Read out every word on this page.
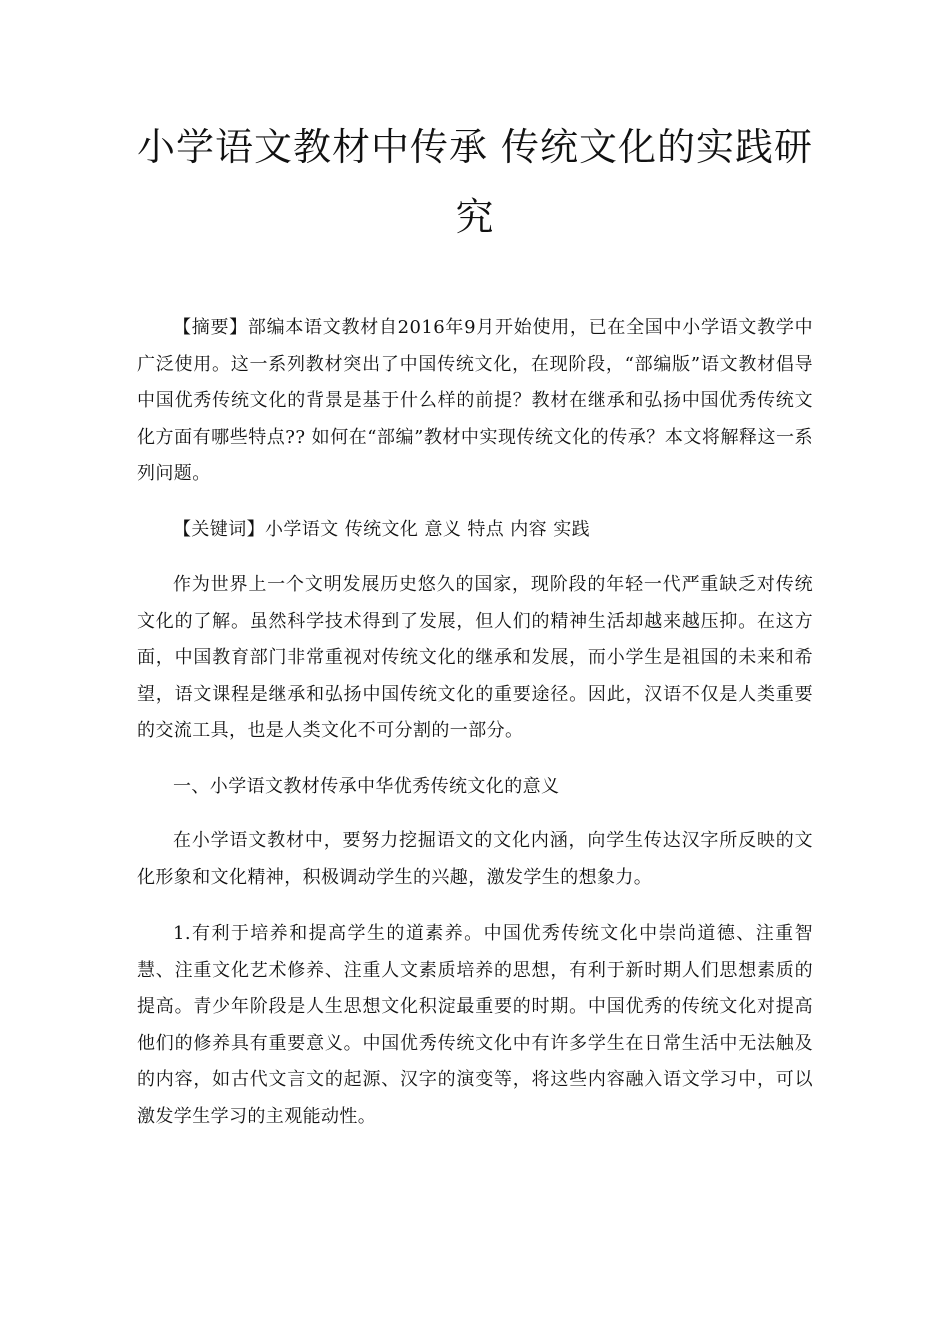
小学语文教材中传承 传统文化的实践研究

【摘要】部编本语文教材自2016年9月开始使用，已在全国中小学语文教学中广泛使用。这一系列教材突出了中国传统文化，在现阶段，“部编版”语文教材倡导中国优秀传统文化的背景是基于什么样的前提？教材在继承和弘扬中国优秀传统文化方面有哪些特点?? 如何在“部编”教材中实现传统文化的传承？本文将解释这一系列问题。

【关键词】小学语文 传统文化 意义 特点 内容 实践

作为世界上一个文明发展历史悠久的国家，现阶段的年轻一代严重缺乏对传统文化的了解。虽然科学技术得到了发展，但人们的精神生活却越来越压抑。在这方面，中国教育部门非常重视对传统文化的继承和发展，而小学生是祖国的未来和希望，语文课程是继承和弘扬中国传统文化的重要途径。因此，汉语不仅是人类重要的交流工具，也是人类文化不可分割的一部分。

一、小学语文教材传承中华优秀传统文化的意义

在小学语文教材中，要努力挖掘语文的文化内涵，向学生传达汉字所反映的文化形象和文化精神，积极调动学生的兴趣，激发学生的想象力。

1.有利于培养和提高学生的道素养。中国优秀传统文化中崇尚道德、注重智慧、注重文化艺术修养、注重人文素质培养的思想，有利于新时期人们思想素质的提高。青少年阶段是人生思想文化积淀最重要的时期。中国优秀的传统文化对提高他们的修养具有重要意义。中国优秀传统文化中有许多学生在日常生活中无法触及的内容，如古代文言文的起源、汉字的演变等，将这些内容融入语文学习中，可以激发学生学习的主观能动性。
